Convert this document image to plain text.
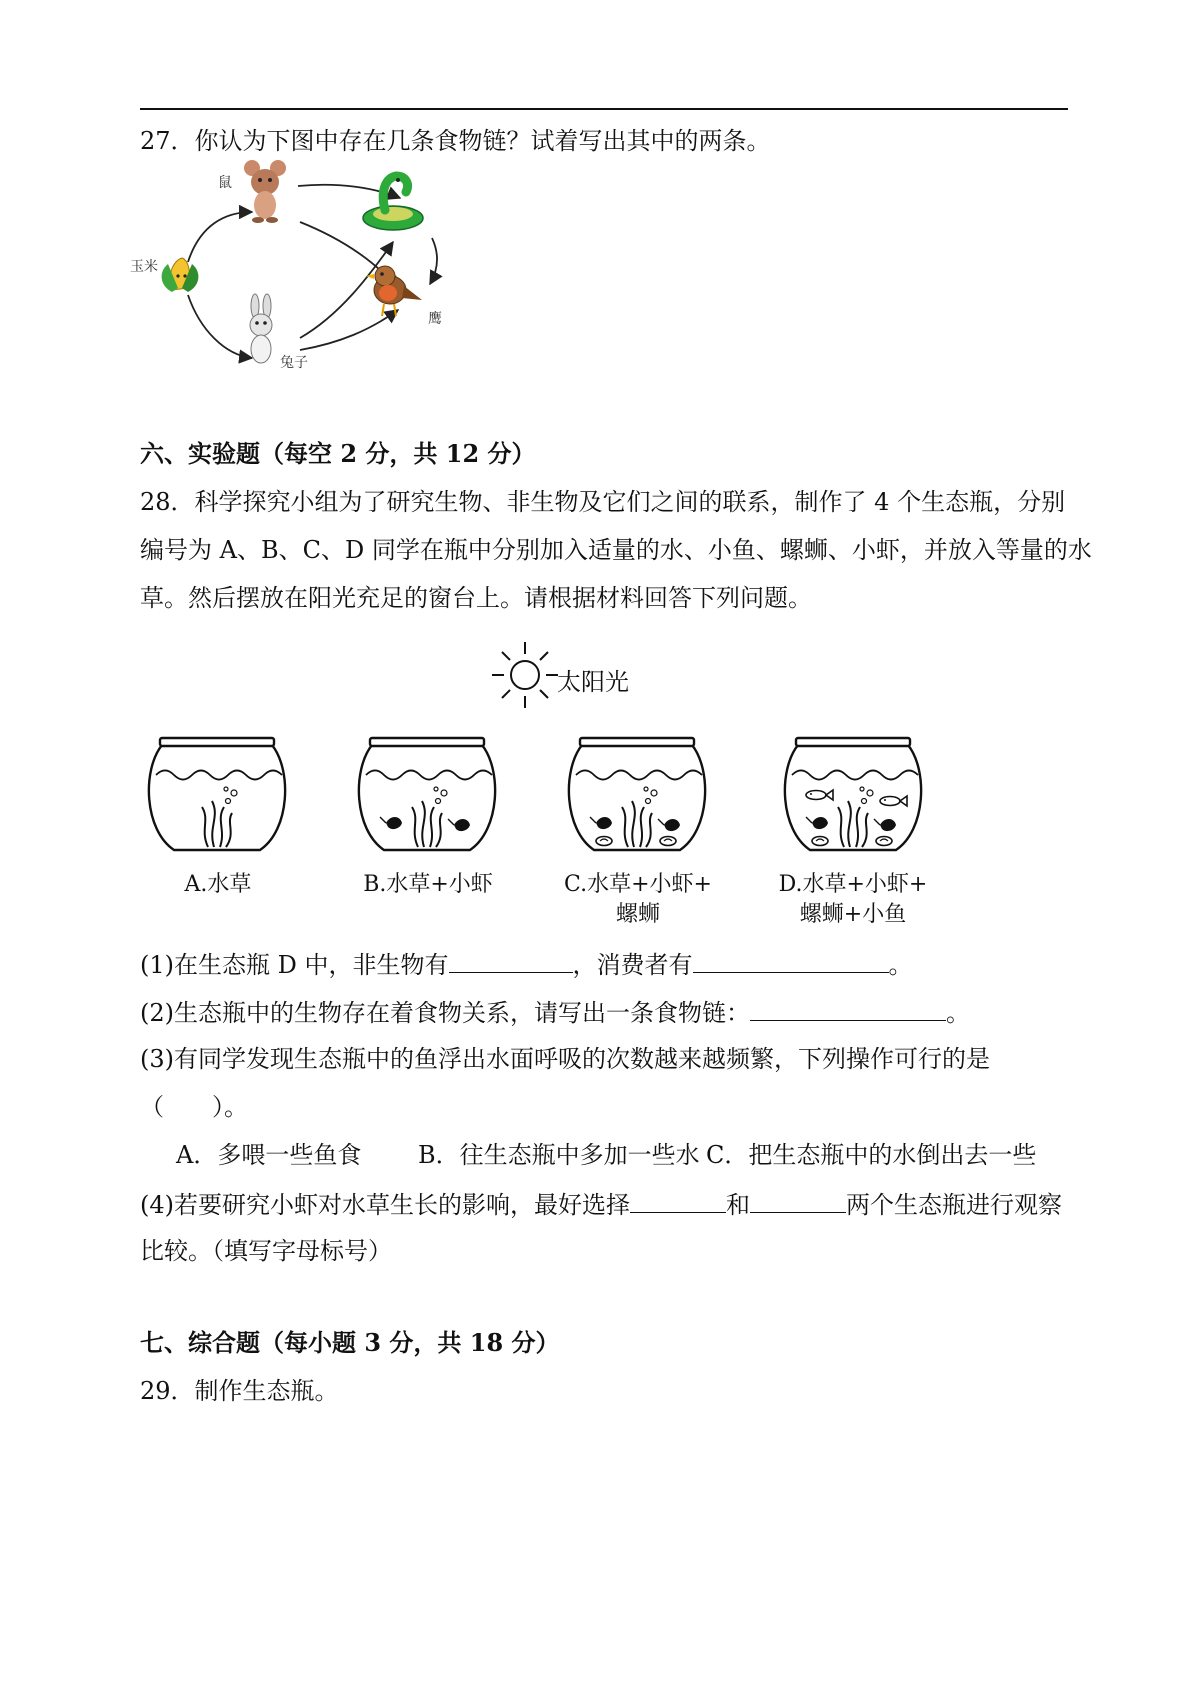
27．你认为下图中存在几条食物链？试着写出其中的两条。
鼠
玉米
兔子
鹰
六、实验题（每空 2 分，共 12 分）
28．科学探究小组为了研究生物、非生物及它们之间的联系，制作了 4 个生态瓶，分别
编号为 A、B、C、D 同学在瓶中分别加入适量的水、小鱼、螺蛳、小虾，并放入等量的水
草。然后摆放在阳光充足的窗台上。请根据材料回答下列问题。
太阳光
A.水草	B.水草+小虾	C.水草+小虾+
螺蛳
D.水草+小虾+
螺蛳+小鱼
(1)在生态瓶 D 中，非生物有	，消费者有	。
(2)生态瓶中的生物存在着食物关系，请写出一条食物链：	。
(3)有同学发现生态瓶中的鱼浮出水面呼吸的次数越来越频繁，下列操作可行的是
（　　）。
A．多喂一些鱼食 B．往生态瓶中多加一些水 C．把生态瓶中的水倒出去一些
(4)若要研究小虾对水草生长的影响，最好选择	和	两个生态瓶进行观察
比较。（填写字母标号）
七、综合题（每小题 3 分，共 18 分）
29．制作生态瓶。
